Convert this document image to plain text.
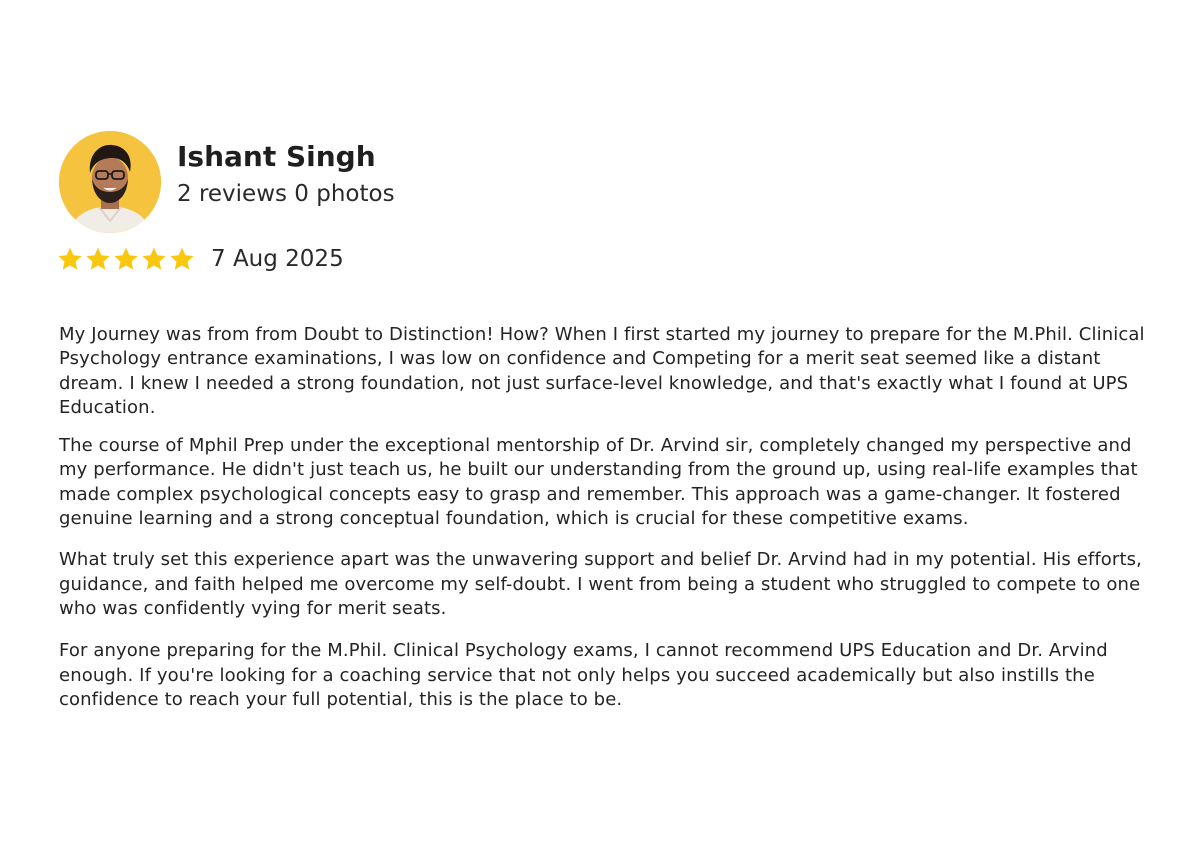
Ishant Singh
2 reviews 0 photos
7 Aug 2025

My Journey was from from Doubt to Distinction! How? When I first started my journey to prepare for the M.Phil. Clinical Psychology entrance examinations, I was low on confidence and Competing for a merit seat seemed like a distant dream. I knew I needed a strong foundation, not just surface-level knowledge, and that's exactly what I found at UPS Education.

The course of Mphil Prep under the exceptional mentorship of Dr. Arvind sir, completely changed my perspective and my performance. He didn't just teach us, he built our understanding from the ground up, using real-life examples that made complex psychological concepts easy to grasp and remember. This approach was a game-changer. It fostered genuine learning and a strong conceptual foundation, which is crucial for these competitive exams.

What truly set this experience apart was the unwavering support and belief Dr. Arvind had in my potential. His efforts, guidance, and faith helped me overcome my self-doubt. I went from being a student who struggled to compete to one who was confidently vying for merit seats.

For anyone preparing for the M.Phil. Clinical Psychology exams, I cannot recommend UPS Education and Dr. Arvind enough. If you're looking for a coaching service that not only helps you succeed academically but also instills the confidence to reach your full potential, this is the place to be.
